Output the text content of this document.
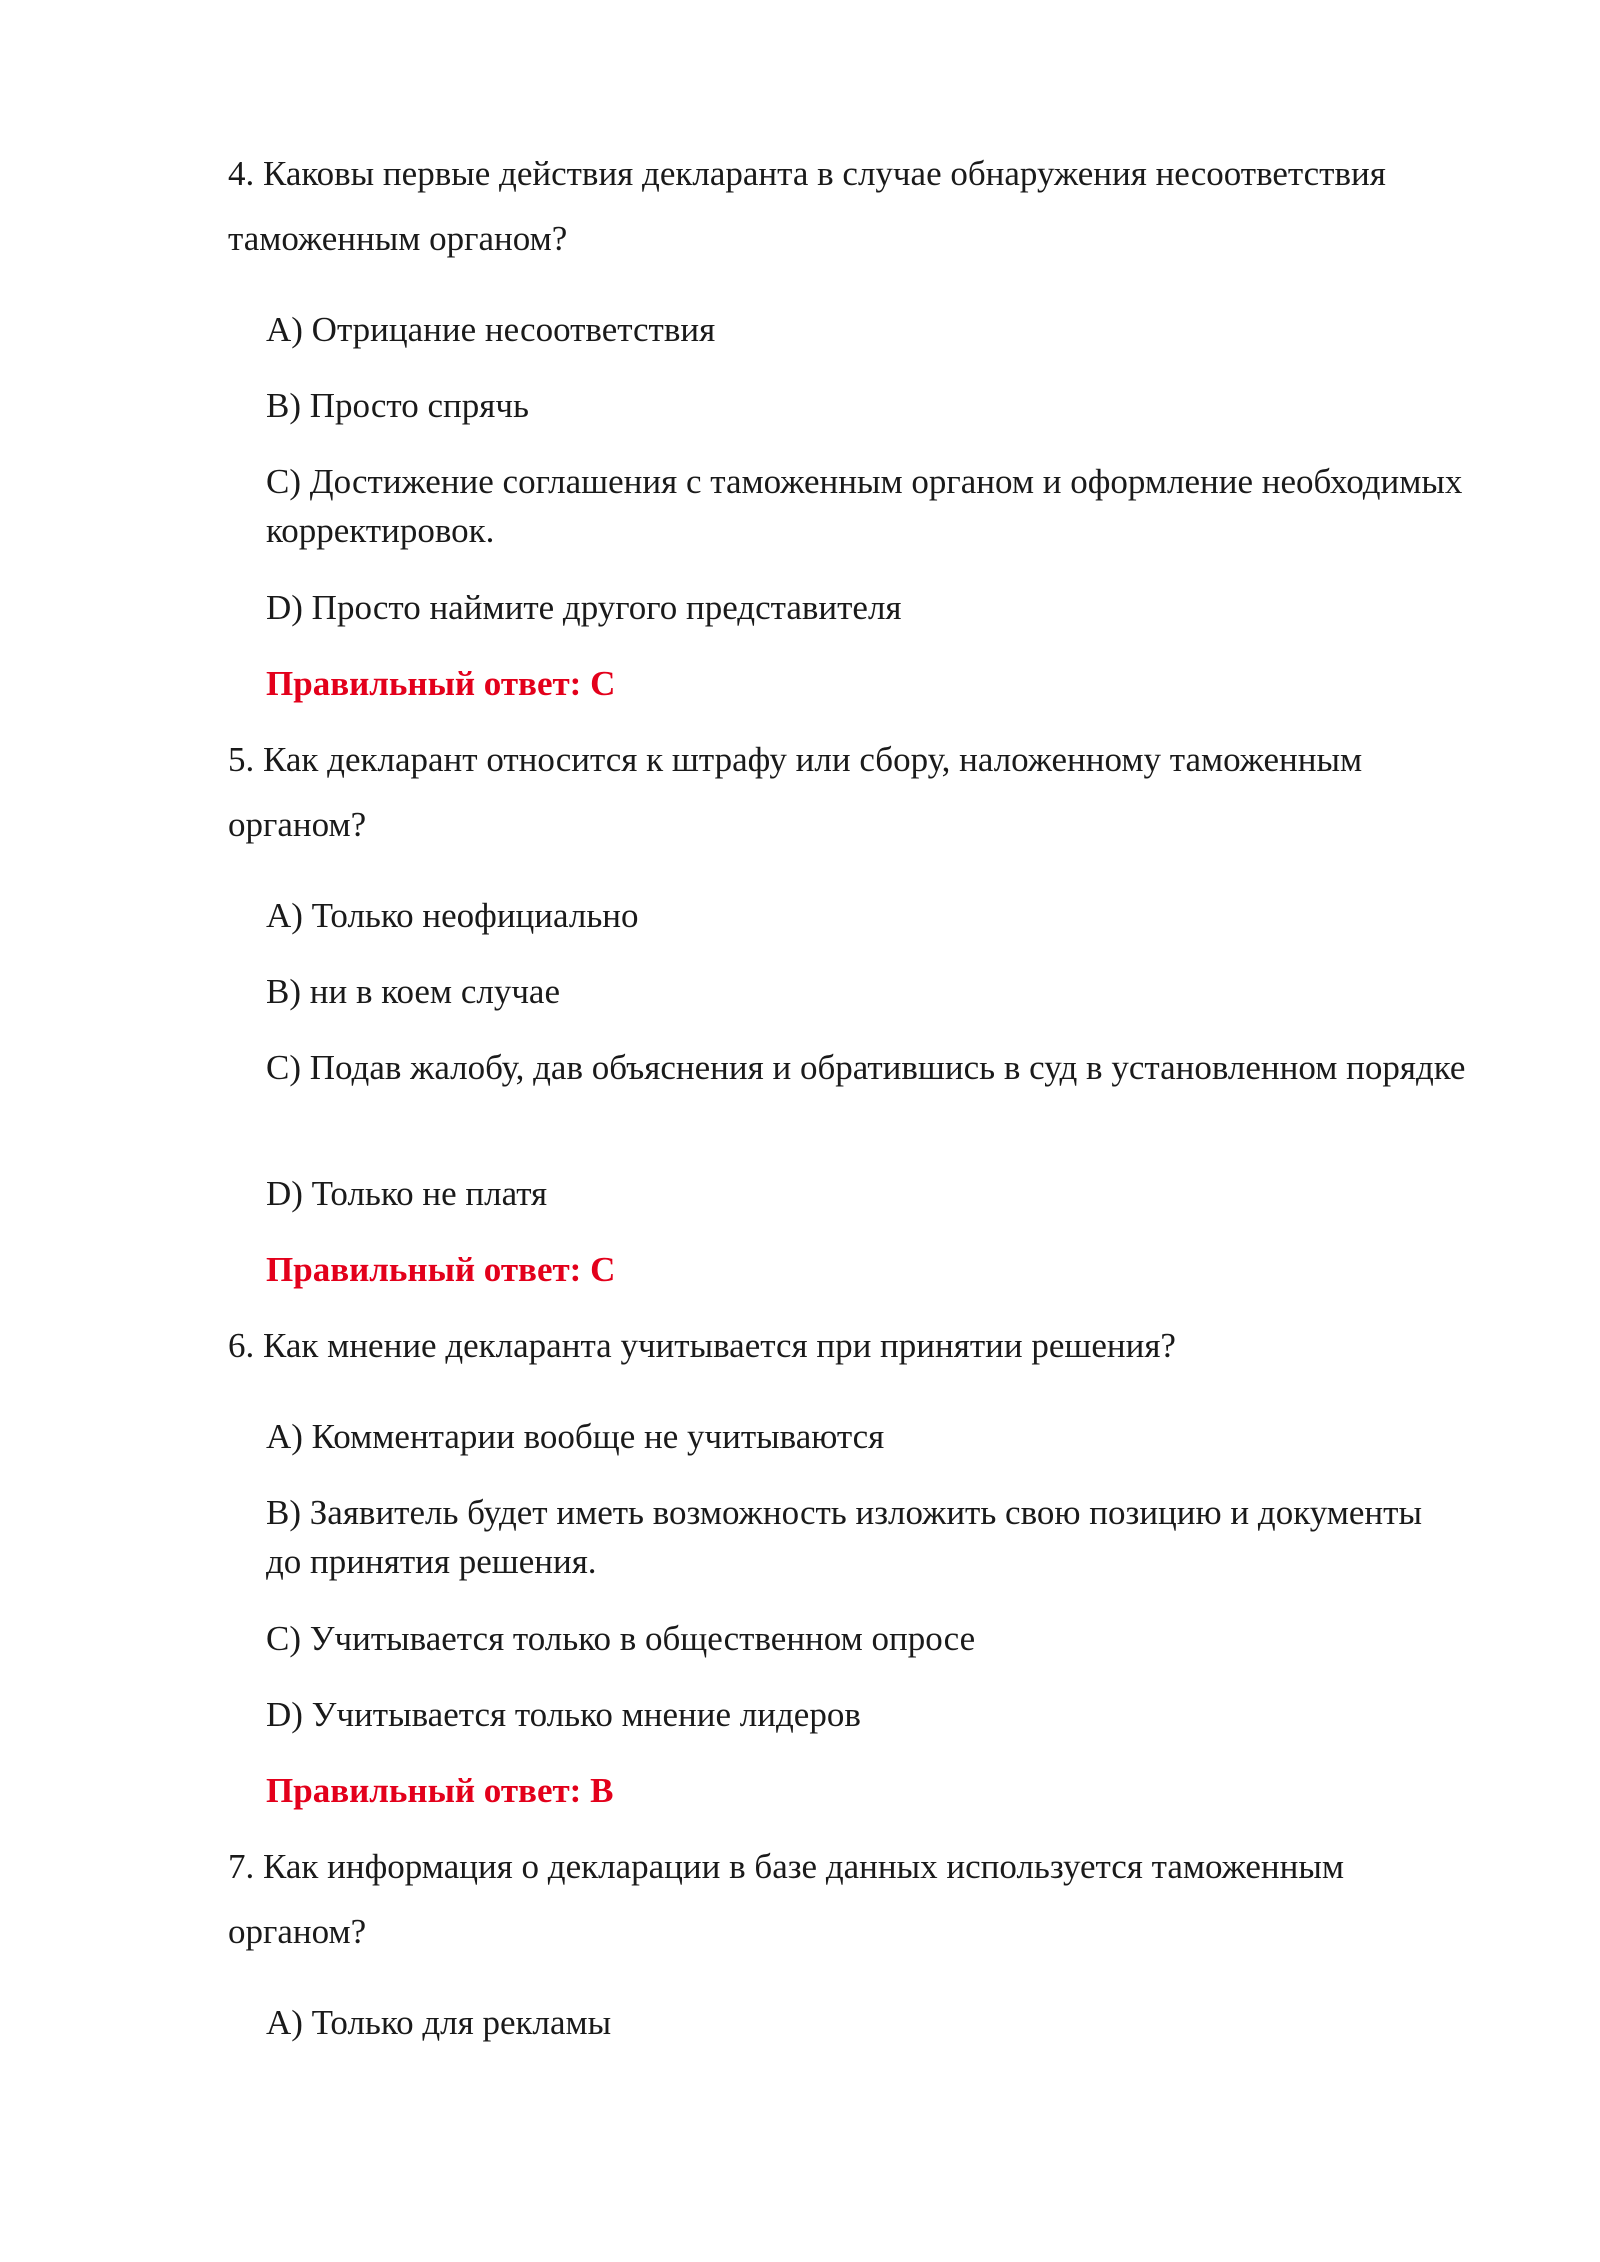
4. Каковы первые действия декларанта в случае обнаружения несоответствия таможенным органом?

A) Отрицание несоответствия

B) Просто спрячь

C) Достижение соглашения с таможенным органом и оформление необходимых корректировок.

D) Просто наймите другого представителя

Правильный ответ: C

5. Как декларант относится к штрафу или сбору, наложенному таможенным органом?

A) Только неофициально

B) ни в коем случае

C) Подав жалобу, дав объяснения и обратившись в суд в установленном порядке

D) Только не платя

Правильный ответ: C

6. Как мнение декларанта учитывается при принятии решения?

A) Комментарии вообще не учитываются

B) Заявитель будет иметь возможность изложить свою позицию и документы до принятия решения.

C) Учитывается только в общественном опросе

D) Учитывается только мнение лидеров

Правильный ответ: B

7. Как информация о декларации в базе данных используется таможенным органом?

A) Только для рекламы
